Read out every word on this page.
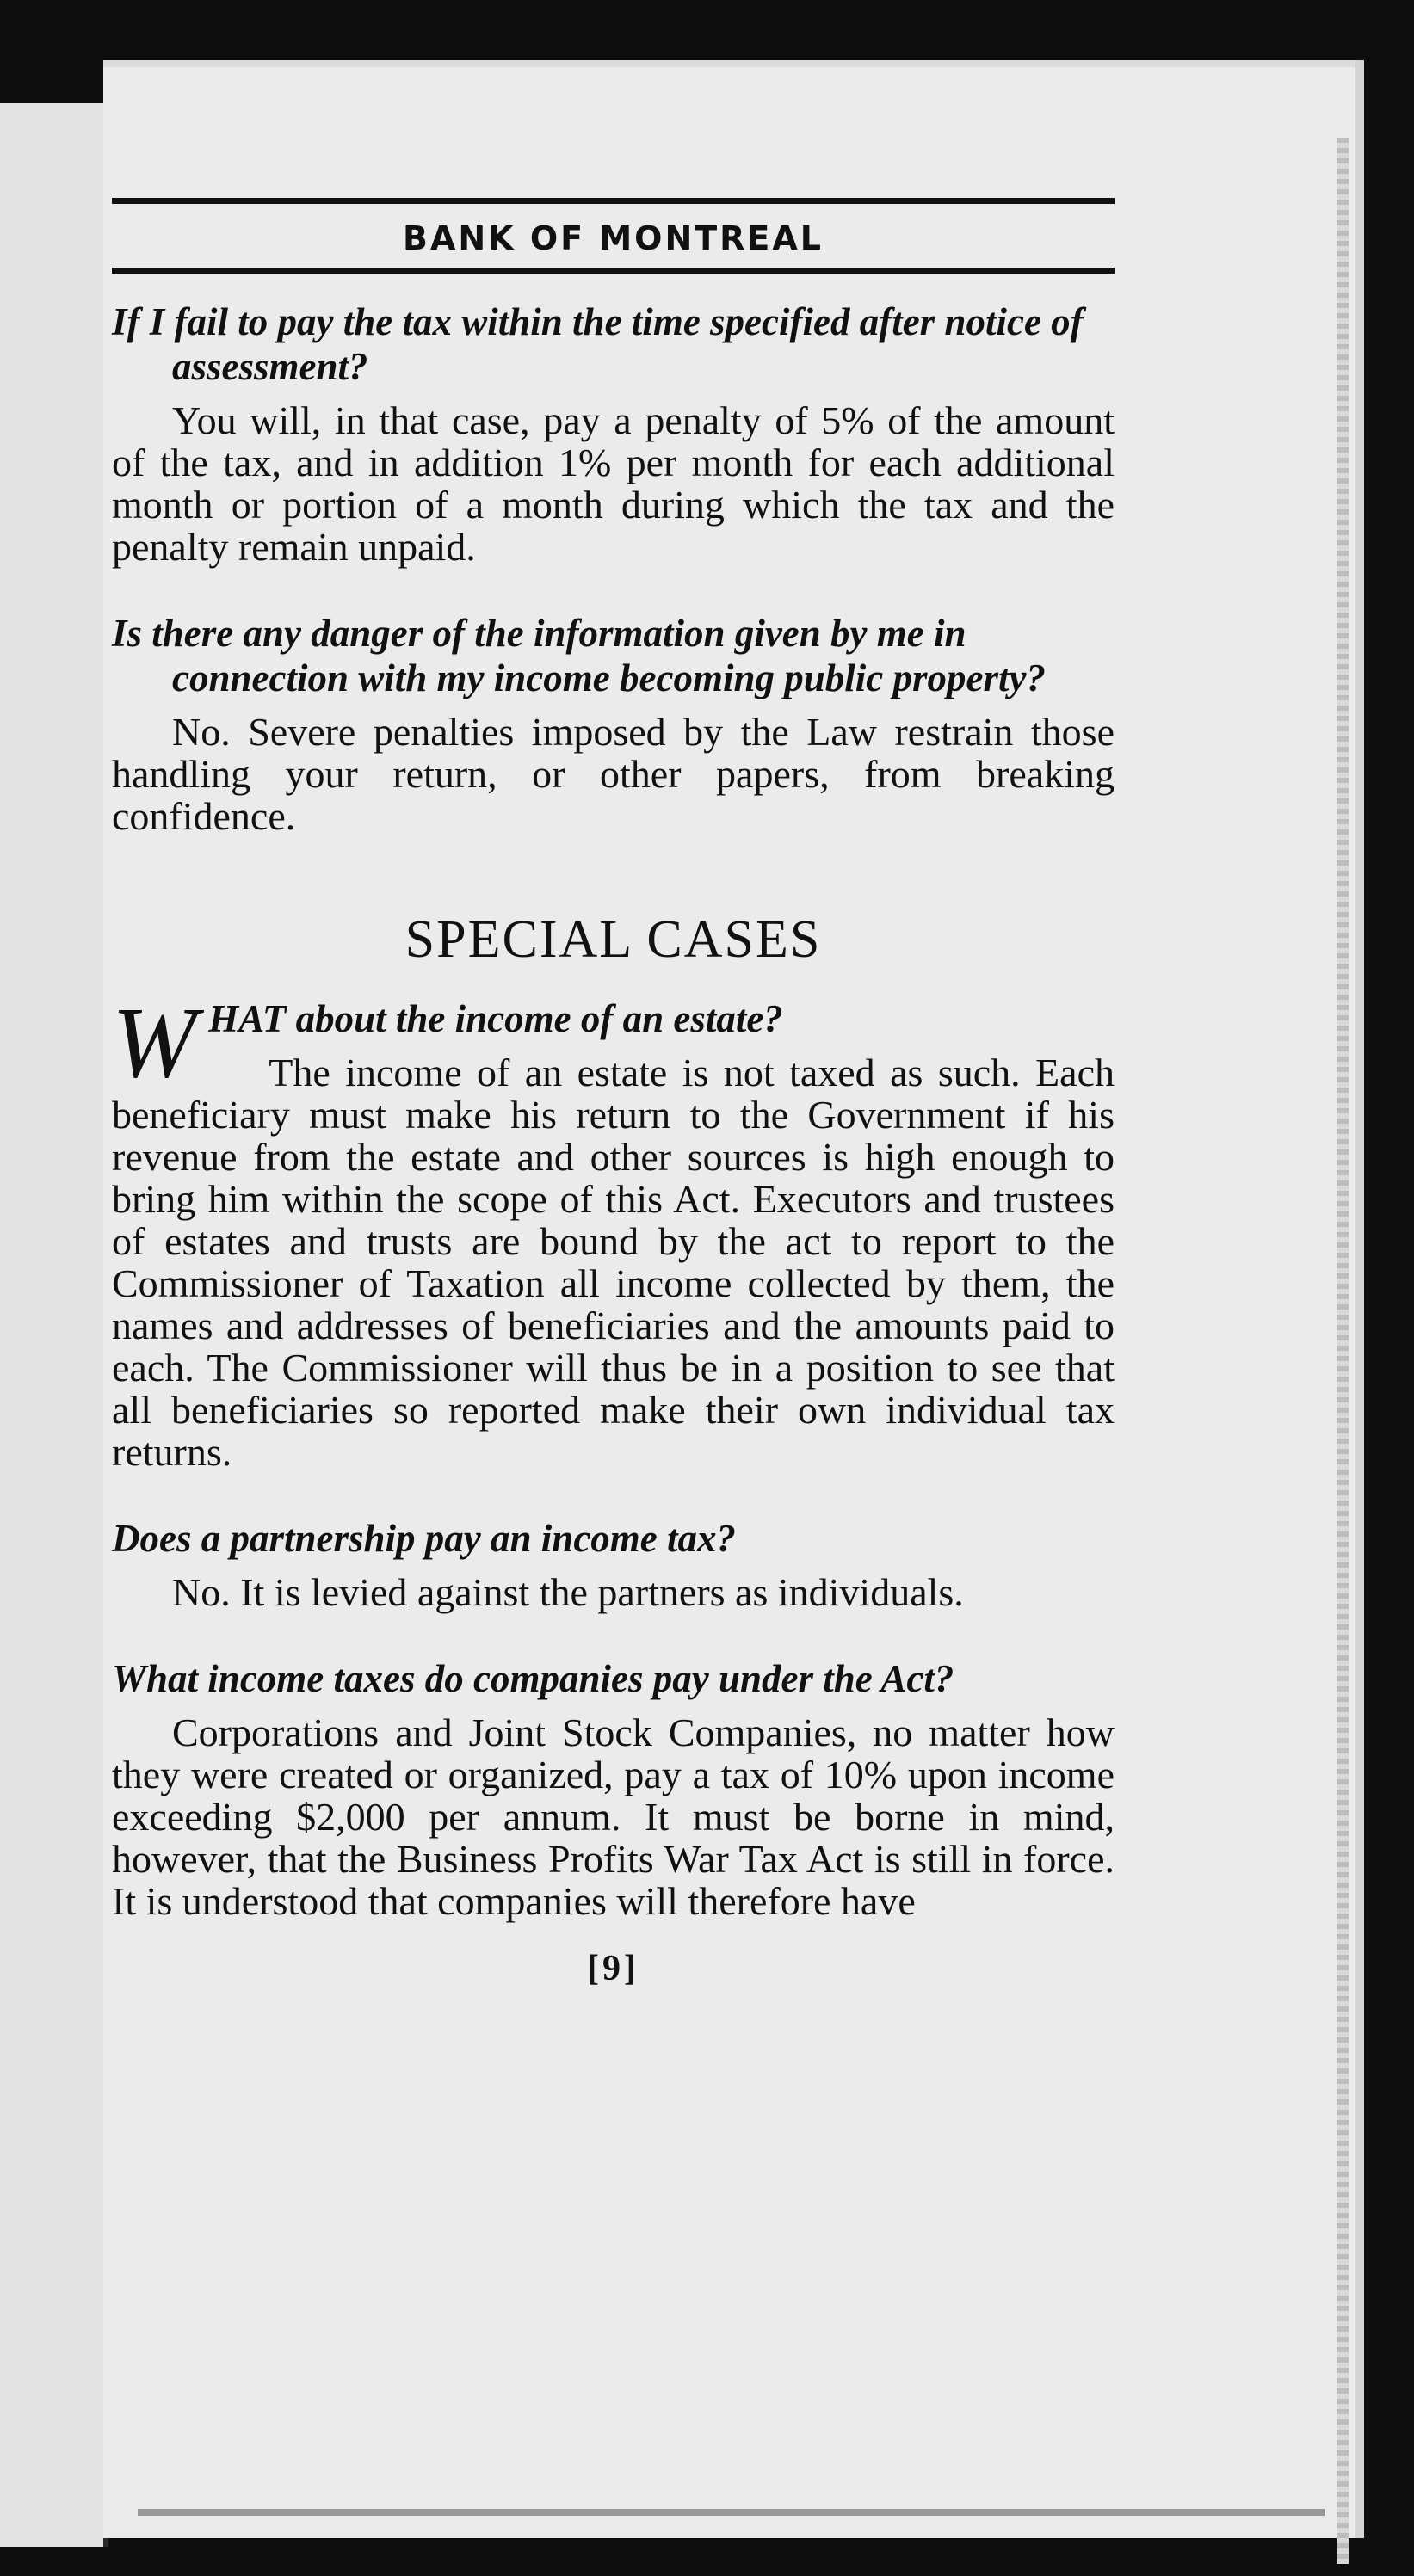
BANK OF MONTREAL

If I fail to pay the tax within the time specified after notice of assessment?

You will, in that case, pay a penalty of 5% of the amount of the tax, and in addition 1% per month for each additional month or portion of a month during which the tax and the penalty remain unpaid.

Is there any danger of the information given by me in connection with my income becoming public property?

No. Severe penalties imposed by the Law restrain those handling your return, or other papers, from breaking confidence.

SPECIAL CASES
W HAT about the income of an estate?

The income of an estate is not taxed as such. Each beneficiary must make his return to the Government if his revenue from the estate and other sources is high enough to bring him within the scope of this Act. Executors and trustees of estates and trusts are bound by the act to report to the Commissioner of Taxation all income collected by them, the names and addresses of beneficiaries and the amounts paid to each. The Commissioner will thus be in a position to see that all beneficiaries so reported make their own individual tax returns.

Does a partnership pay an income tax?

No. It is levied against the partners as individuals.

What income taxes do companies pay under the Act?

Corporations and Joint Stock Companies, no matter how they were created or organized, pay a tax of 10% upon income exceeding $2,000 per annum. It must be borne in mind, however, that the Business Profits War Tax Act is still in force. It is understood that companies will therefore have

[9]
